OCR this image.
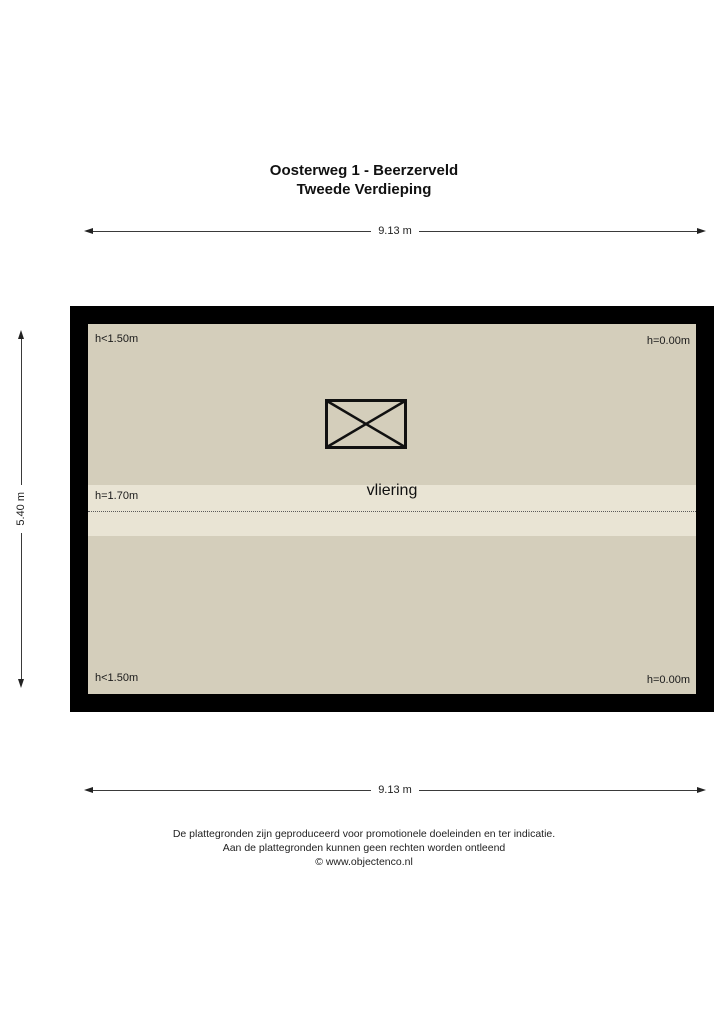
Oosterweg 1 - Beerzerveld
Tweede Verdieping
9.13 m
5.40 m
h<1.50m	h=0.00m
h=1.70m	vliering
h<1.50m	h=0.00m
9.13 m
De plattegronden zijn geproduceerd voor promotionele doeleinden en ter indicatie.
Aan de plattegronden kunnen geen rechten worden ontleend
© www.objectenco.nl
